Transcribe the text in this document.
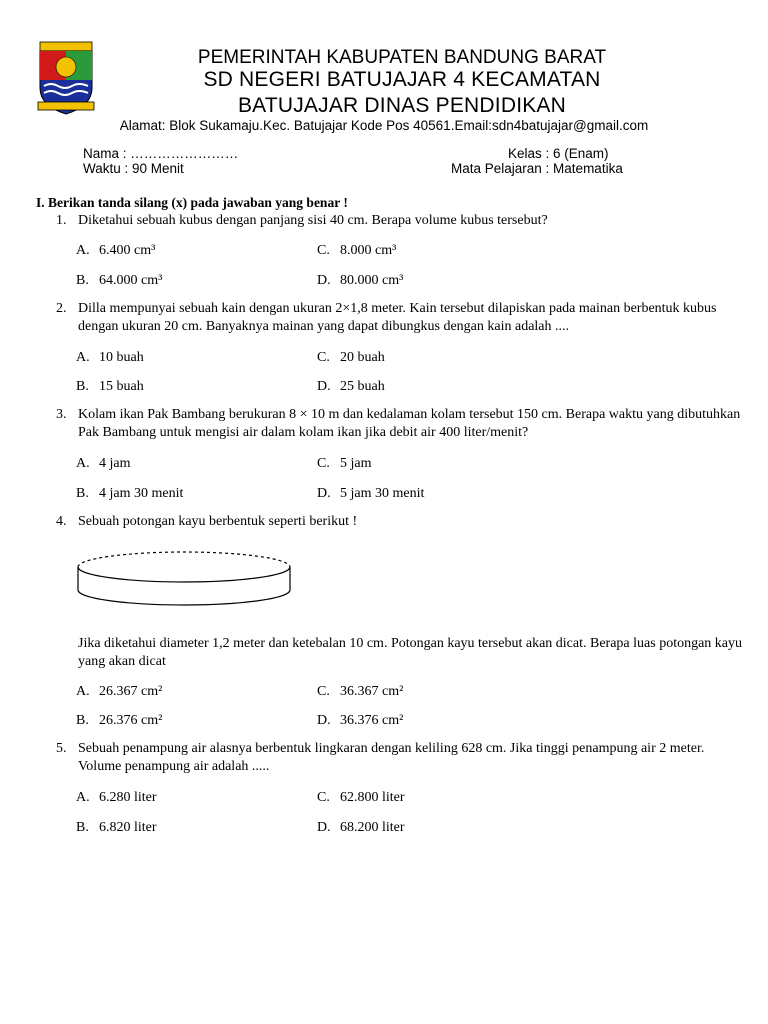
PEMERINTAH KABUPATEN BANDUNG BARAT
SD NEGERI BATUJAJAR 4 KECAMATAN
BATUJAJAR DINAS PENDIDIKAN
Alamat: Blok Sukamaju.Kec. Batujajar Kode Pos 40561.Email:sdn4batujajar@gmail.com
Nama : ……………………
Waktu : 90 Menit
Kelas : 6 (Enam)
Mata Pelajaran : Matematika
I. Berikan tanda silang (x) pada jawaban yang benar !
1. Diketahui sebuah kubus dengan panjang sisi 40 cm. Berapa volume kubus tersebut?
A. 6.400 cm³	C. 8.000 cm³
B. 64.000 cm³	D. 80.000 cm³
2. Dilla mempunyai sebuah kain dengan ukuran 2×1,8 meter. Kain tersebut dilapiskan pada mainan berbentuk kubus dengan ukuran 20 cm. Banyaknya mainan yang dapat dibungkus dengan kain adalah ....
A. 10 buah	C. 20 buah
B. 15 buah	D. 25 buah
3. Kolam ikan Pak Bambang berukuran 8 × 10 m dan kedalaman kolam tersebut 150 cm. Berapa waktu yang dibutuhkan Pak Bambang untuk mengisi air dalam kolam ikan jika debit air 400 liter/menit?
A. 4 jam	C. 5 jam
B. 4 jam 30 menit	D. 5 jam 30 menit
4. Sebuah potongan kayu berbentuk seperti berikut !
Jika diketahui diameter 1,2 meter dan ketebalan 10 cm. Potongan kayu tersebut akan dicat. Berapa luas potongan kayu yang akan dicat
A. 26.367 cm²	C. 36.367 cm²
B. 26.376 cm²	D. 36.376 cm²
5. Sebuah penampung air alasnya berbentuk lingkaran dengan keliling 628 cm. Jika tinggi penampung air 2 meter. Volume penampung air adalah .....
A. 6.280 liter	C. 62.800 liter
B. 6.820 liter	D. 68.200 liter
